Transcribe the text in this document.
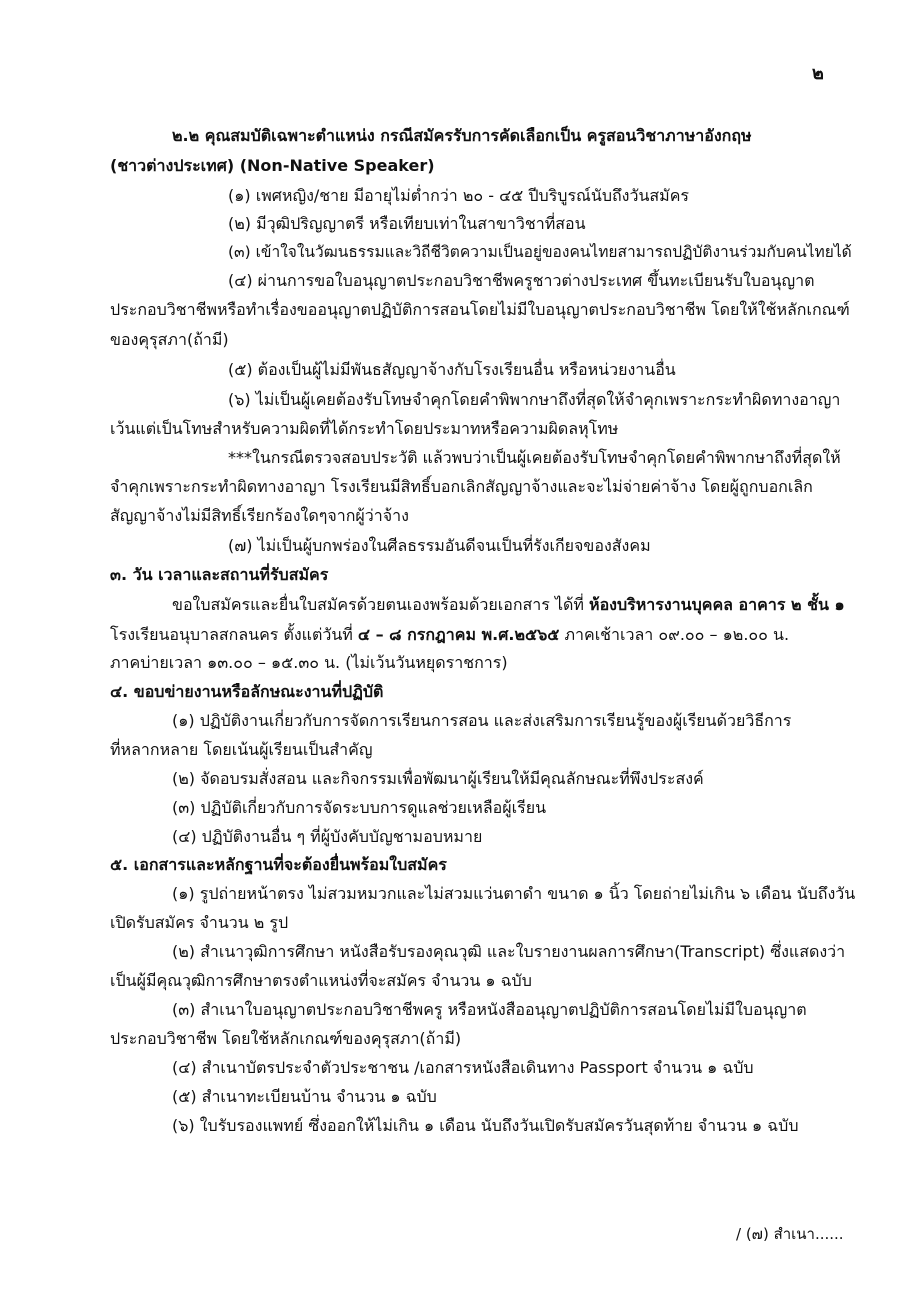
๒
๒.๒ คุณสมบัติเฉพาะตำแหน่ง กรณีสมัครรับการคัดเลือกเป็น ครูสอนวิชาภาษาอังกฤษ
(ชาวต่างประเทศ) (Non-Native Speaker)
(๑) เพศหญิง/ชาย มีอายุไม่ต่ำกว่า ๒๐ - ๔๕ ปีบริบูรณ์นับถึงวันสมัคร
(๒) มีวุฒิปริญญาตรี หรือเทียบเท่าในสาขาวิชาที่สอน
(๓) เข้าใจในวัฒนธรรมและวิถีชีวิตความเป็นอยู่ของคนไทยสามารถปฏิบัติงานร่วมกับคนไทยได้
(๔) ผ่านการขอใบอนุญาตประกอบวิชาชีพครูชาวต่างประเทศ ขึ้นทะเบียนรับใบอนุญาต
ประกอบวิชาชีพหรือทำเรื่องขออนุญาตปฏิบัติการสอนโดยไม่มีใบอนุญาตประกอบวิชาชีพ โดยให้ใช้หลักเกณฑ์
ของคุรุสภา(ถ้ามี)
(๕) ต้องเป็นผู้ไม่มีพันธสัญญาจ้างกับโรงเรียนอื่น หรือหน่วยงานอื่น
(๖) ไม่เป็นผู้เคยต้องรับโทษจำคุกโดยคำพิพากษาถึงที่สุดให้จำคุกเพราะกระทำผิดทางอาญา
เว้นแต่เป็นโทษสำหรับความผิดที่ได้กระทำโดยประมาทหรือความผิดลหุโทษ
***ในกรณีตรวจสอบประวัติ แล้วพบว่าเป็นผู้เคยต้องรับโทษจำคุกโดยคำพิพากษาถึงที่สุดให้
จำคุกเพราะกระทำผิดทางอาญา โรงเรียนมีสิทธิ์บอกเลิกสัญญาจ้างและจะไม่จ่ายค่าจ้าง โดยผู้ถูกบอกเลิก
สัญญาจ้างไม่มีสิทธิ์เรียกร้องใดๆจากผู้ว่าจ้าง
(๗) ไม่เป็นผู้บกพร่องในศีลธรรมอันดีจนเป็นที่รังเกียจของสังคม
๓. วัน เวลาและสถานที่รับสมัคร
ขอใบสมัครและยื่นใบสมัครด้วยตนเองพร้อมด้วยเอกสาร ได้ที่ ห้องบริหารงานบุคคล อาคาร ๒ ชั้น ๑
โรงเรียนอนุบาลสกลนคร ตั้งแต่วันที่ ๔ – ๘ กรกฎาคม พ.ศ.๒๕๖๕ ภาคเช้าเวลา ๐๙.๐๐ – ๑๒.๐๐ น.
ภาคบ่ายเวลา ๑๓.๐๐ – ๑๕.๓๐ น. (ไม่เว้นวันหยุดราชการ)
๔. ขอบข่ายงานหรือลักษณะงานที่ปฏิบัติ
(๑) ปฏิบัติงานเกี่ยวกับการจัดการเรียนการสอน และส่งเสริมการเรียนรู้ของผู้เรียนด้วยวิธีการ
ที่หลากหลาย โดยเน้นผู้เรียนเป็นสำคัญ
(๒) จัดอบรมสั่งสอน และกิจกรรมเพื่อพัฒนาผู้เรียนให้มีคุณลักษณะที่พึงประสงค์
(๓) ปฏิบัติเกี่ยวกับการจัดระบบการดูแลช่วยเหลือผู้เรียน
(๔) ปฏิบัติงานอื่น ๆ ที่ผู้บังคับบัญชามอบหมาย
๕. เอกสารและหลักฐานที่จะต้องยื่นพร้อมใบสมัคร
(๑) รูปถ่ายหน้าตรง ไม่สวมหมวกและไม่สวมแว่นตาดำ ขนาด ๑ นิ้ว โดยถ่ายไม่เกิน ๖ เดือน นับถึงวัน
เปิดรับสมัคร จำนวน ๒ รูป
(๒) สำเนาวุฒิการศึกษา หนังสือรับรองคุณวุฒิ และใบรายงานผลการศึกษา(Transcript) ซึ่งแสดงว่า
เป็นผู้มีคุณวุฒิการศึกษาตรงตำแหน่งที่จะสมัคร จำนวน ๑ ฉบับ
(๓) สำเนาใบอนุญาตประกอบวิชาชีพครู หรือหนังสืออนุญาตปฏิบัติการสอนโดยไม่มีใบอนุญาต
ประกอบวิชาชีพ โดยใช้หลักเกณฑ์ของคุรุสภา(ถ้ามี)
(๔) สำเนาบัตรประจำตัวประชาชน /เอกสารหนังสือเดินทาง Passport จำนวน ๑ ฉบับ
(๕) สำเนาทะเบียนบ้าน จำนวน ๑ ฉบับ
(๖) ใบรับรองแพทย์ ซึ่งออกให้ไม่เกิน ๑ เดือน นับถึงวันเปิดรับสมัครวันสุดท้าย จำนวน ๑ ฉบับ
/ (๗) สำเนา......
